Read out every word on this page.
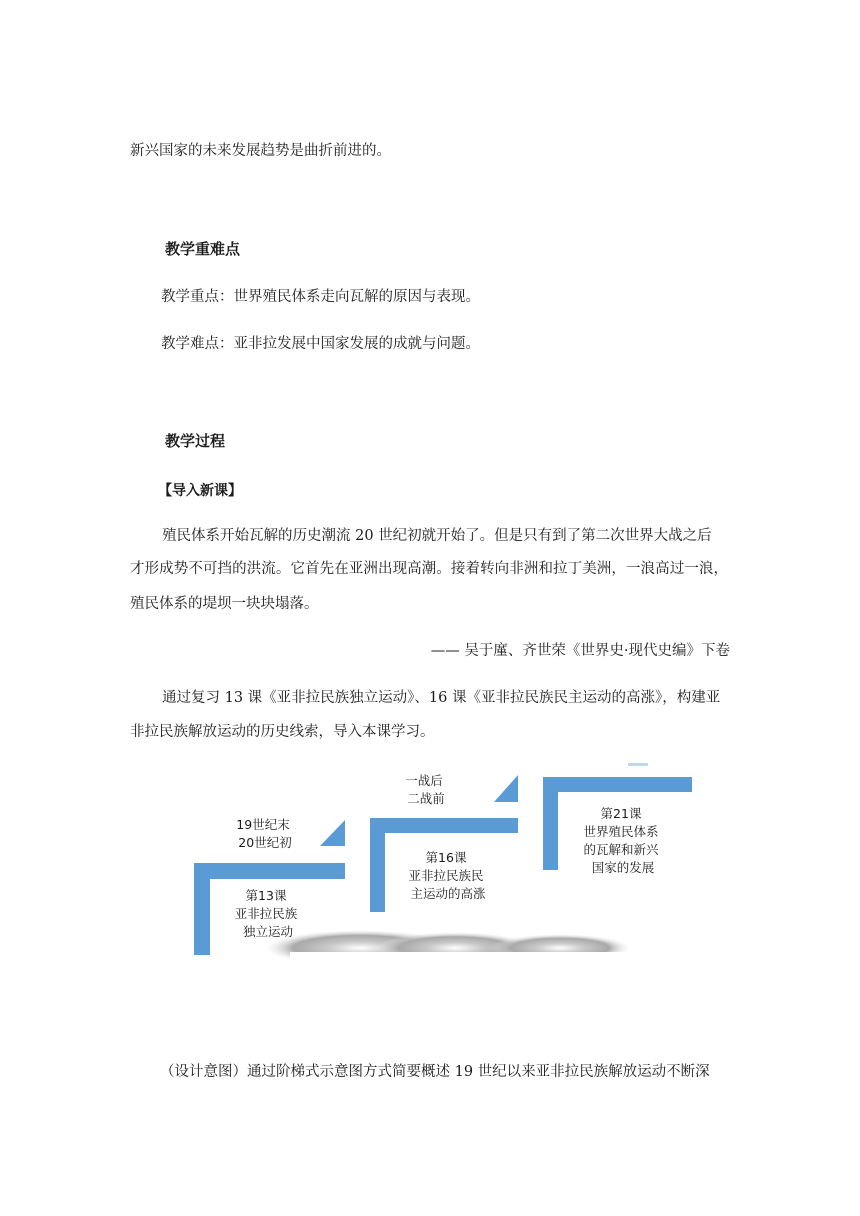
新兴国家的未来发展趋势是曲折前进的。
教学重难点
教学重点：世界殖民体系走向瓦解的原因与表现。
教学难点：亚非拉发展中国家发展的成就与问题。
教学过程
【导入新课】
殖民体系开始瓦解的历史潮流 20 世纪初就开始了。但是只有到了第二次世界大战之后
才形成势不可挡的洪流。它首先在亚洲出现高潮。接着转向非洲和拉丁美洲，一浪高过一浪，
殖民体系的堤坝一块块塌落。
—— 吴于廑、齐世荣《世界史·现代史编》下卷
通过复习 13 课《亚非拉民族独立运动》、16 课《亚非拉民族民主运动的高涨》，构建亚
非拉民族解放运动的历史线索，导入本课学习。
19世纪末 20世纪初
第13课 亚非拉民族 独立运动
一战后 二战前
第16课 亚非拉民族民 主运动的高涨
第21课 世界殖民体系 的瓦解和新兴 国家的发展
（设计意图）通过阶梯式示意图方式简要概述 19 世纪以来亚非拉民族解放运动不断深
